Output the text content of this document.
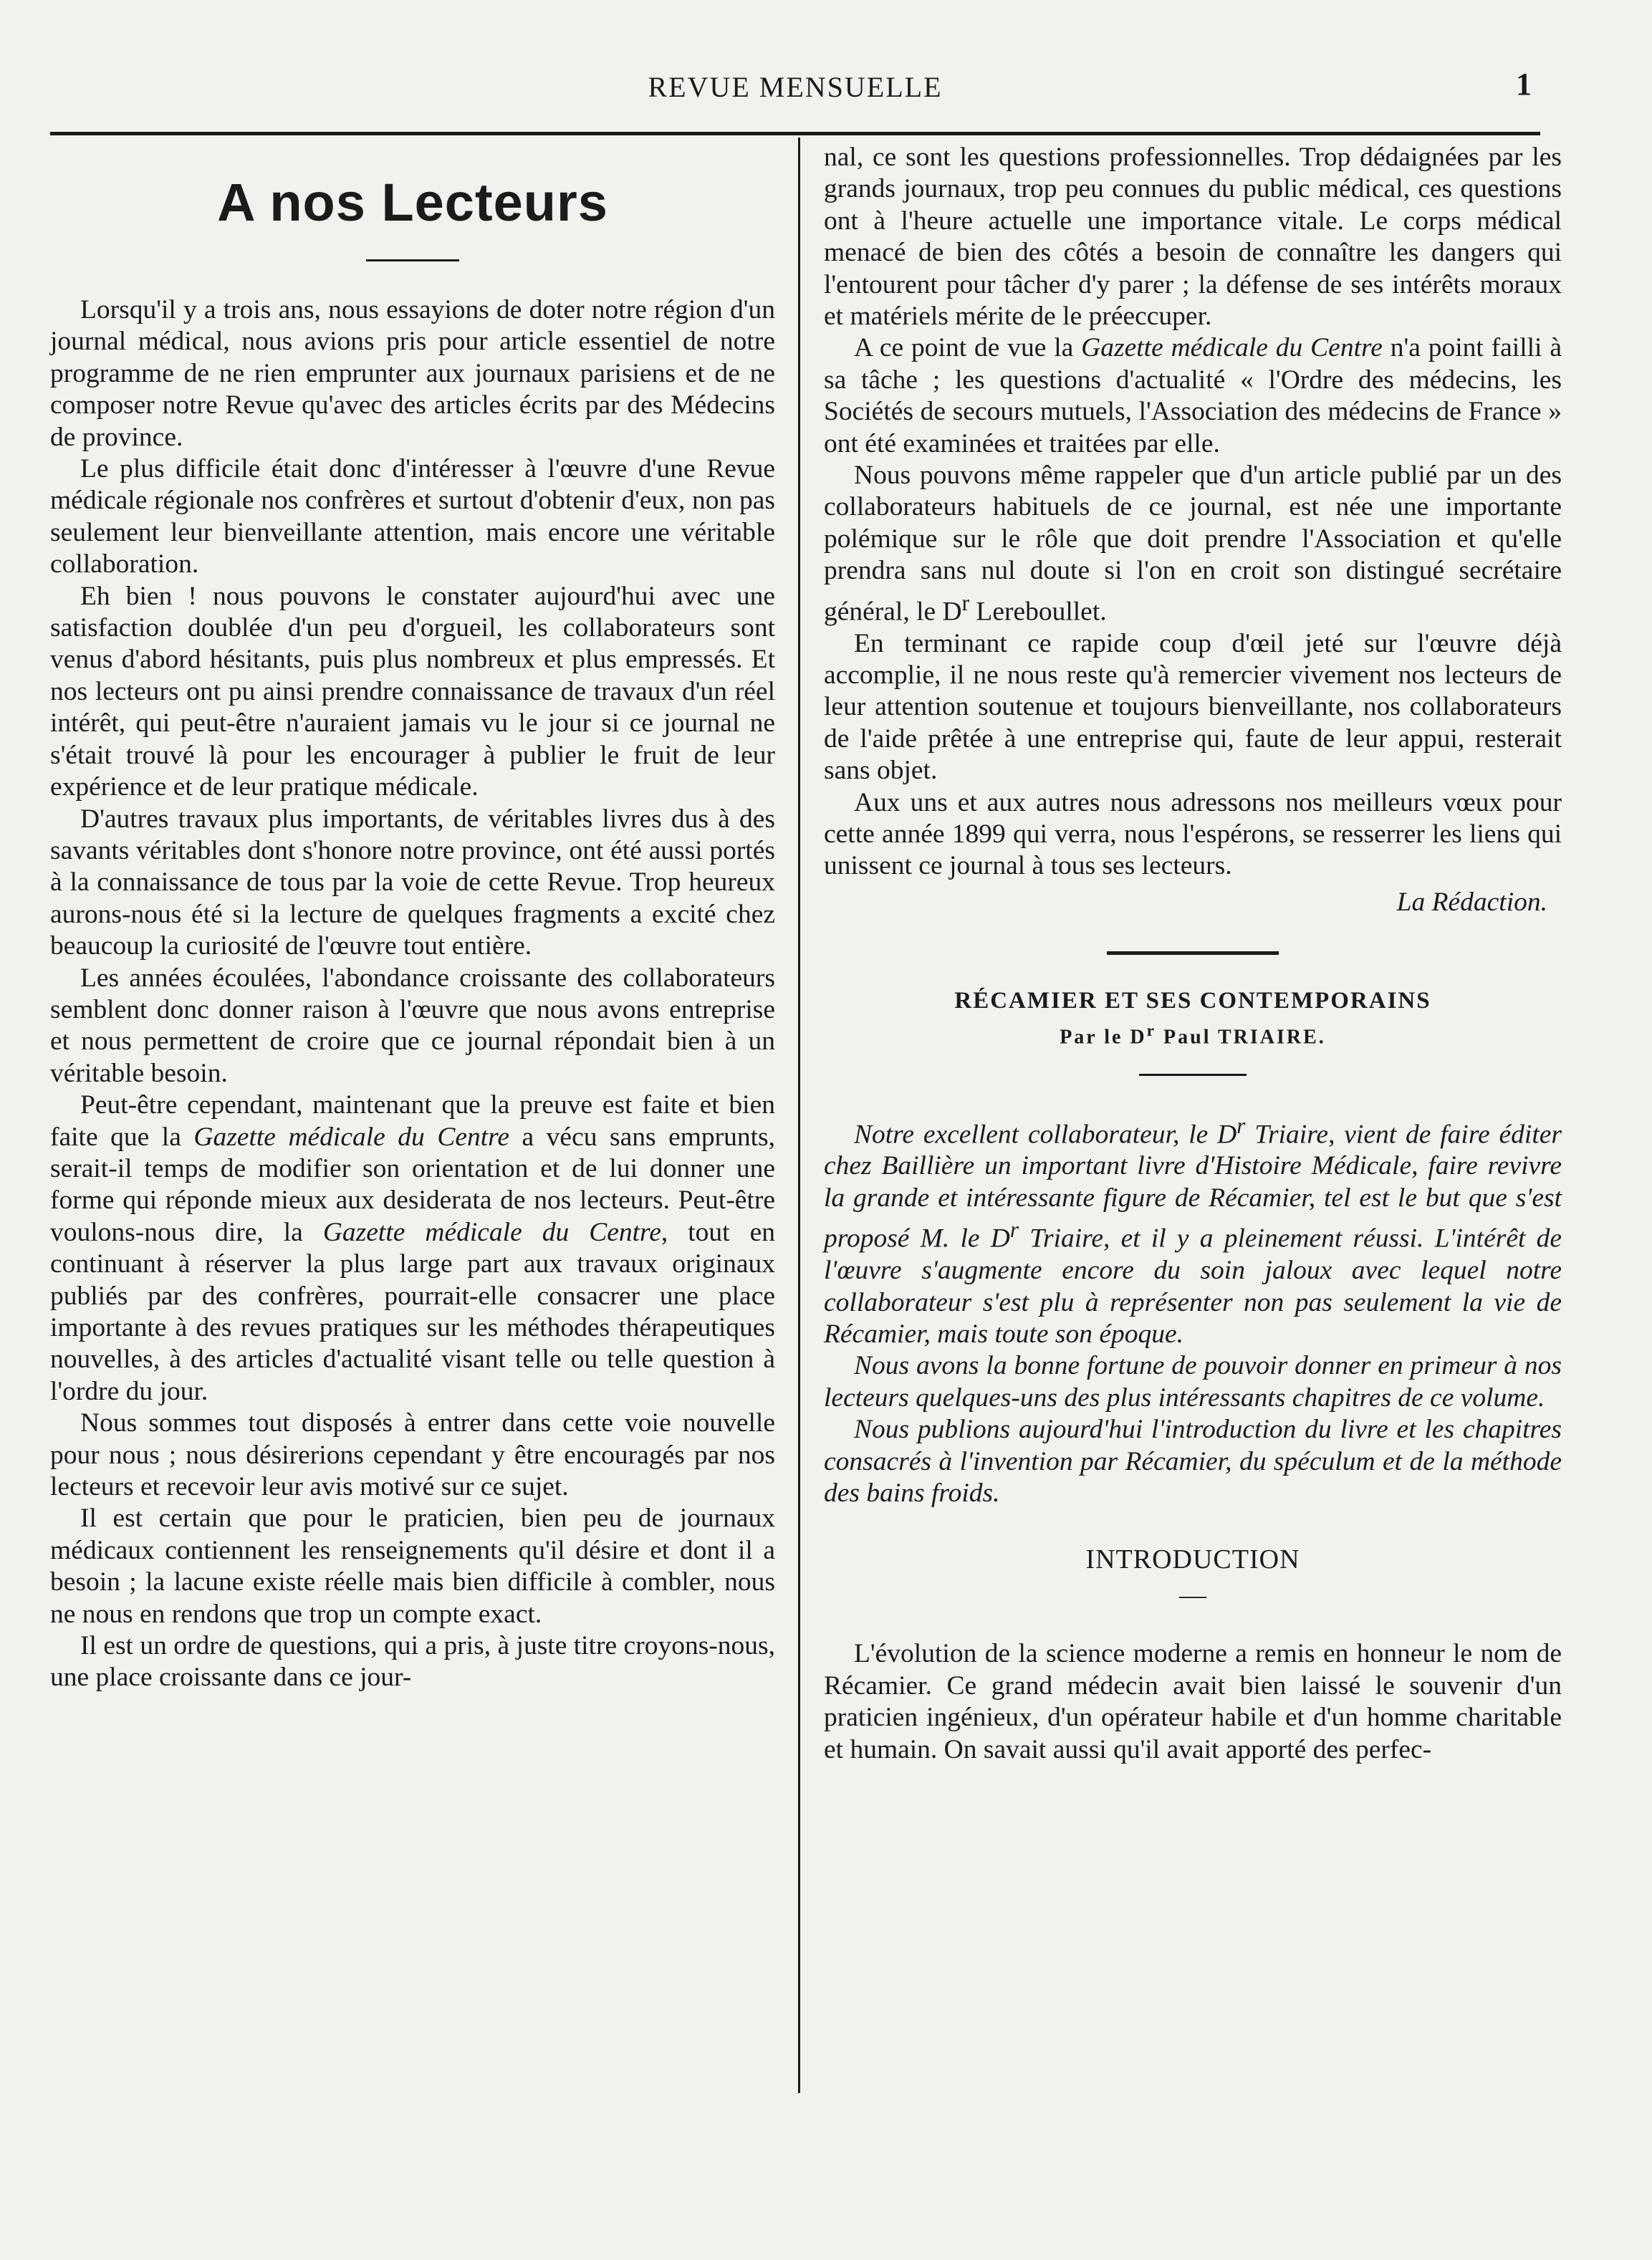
REVUE MENSUELLE	1
A nos Lecteurs

Lorsqu'il y a trois ans, nous essayions de doter notre région d'un journal médical, nous avions pris pour article essentiel de notre programme de ne rien emprunter aux journaux parisiens et de ne composer notre Revue qu'avec des articles écrits par des Médecins de province.

Le plus difficile était donc d'intéresser à l'œuvre d'une Revue médicale régionale nos confrères et surtout d'obtenir d'eux, non pas seulement leur bienveillante attention, mais encore une véritable collaboration.

Eh bien ! nous pouvons le constater aujourd'hui avec une satisfaction doublée d'un peu d'orgueil, les collaborateurs sont venus d'abord hésitants, puis plus nombreux et plus empressés. Et nos lecteurs ont pu ainsi prendre connaissance de travaux d'un réel intérêt, qui peut-être n'auraient jamais vu le jour si ce journal ne s'était trouvé là pour les encourager à publier le fruit de leur expérience et de leur pratique médicale.

D'autres travaux plus importants, de véritables livres dus à des savants véritables dont s'honore notre province, ont été aussi portés à la connaissance de tous par la voie de cette Revue. Trop heureux aurons-nous été si la lecture de quelques fragments a excité chez beaucoup la curiosité de l'œuvre tout entière.

Les années écoulées, l'abondance croissante des collaborateurs semblent donc donner raison à l'œuvre que nous avons entreprise et nous permettent de croire que ce journal répondait bien à un véritable besoin.

Peut-être cependant, maintenant que la preuve est faite et bien faite que la Gazette médicale du Centre a vécu sans emprunts, serait-il temps de modifier son orientation et de lui donner une forme qui réponde mieux aux desiderata de nos lecteurs. Peut-être voulons-nous dire, la Gazette médicale du Centre, tout en continuant à réserver la plus large part aux travaux originaux publiés par des confrères, pourrait-elle consacrer une place importante à des revues pratiques sur les méthodes thérapeutiques nouvelles, à des articles d'actualité visant telle ou telle question à l'ordre du jour.

Nous sommes tout disposés à entrer dans cette voie nouvelle pour nous ; nous désirerions cependant y être encouragés par nos lecteurs et recevoir leur avis motivé sur ce sujet.

Il est certain que pour le praticien, bien peu de journaux médicaux contiennent les renseignements qu'il désire et dont il a besoin ; la lacune existe réelle mais bien difficile à combler, nous ne nous en rendons que trop un compte exact.

Il est un ordre de questions, qui a pris, à juste titre croyons-nous, une place croissante dans ce jour-

nal, ce sont les questions professionnelles. Trop dédaignées par les grands journaux, trop peu connues du public médical, ces questions ont à l'heure actuelle une importance vitale. Le corps médical menacé de bien des côtés a besoin de connaître les dangers qui l'entourent pour tâcher d'y parer ; la défense de ses intérêts moraux et matériels mérite de le préeccuper.

A ce point de vue la Gazette médicale du Centre n'a point failli à sa tâche ; les questions d'actualité « l'Ordre des médecins, les Sociétés de secours mutuels, l'Association des médecins de France » ont été examinées et traitées par elle.

Nous pouvons même rappeler que d'un article publié par un des collaborateurs habituels de ce journal, est née une importante polémique sur le rôle que doit prendre l'Association et qu'elle prendra sans nul doute si l'on en croit son distingué secrétaire général, le $D^r$ Lereboullet.

En terminant ce rapide coup d'œil jeté sur l'œuvre déjà accomplie, il ne nous reste qu'à remercier vivement nos lecteurs de leur attention soutenue et toujours bienveillante, nos collaborateurs de l'aide prêtée à une entreprise qui, faute de leur appui, resterait sans objet.

Aux uns et aux autres nous adressons nos meilleurs vœux pour cette année 1899 qui verra, nous l'espérons, se resserrer les liens qui unissent ce journal à tous ses lecteurs.

La Rédaction.
RÉCAMIER ET SES CONTEMPORAINS
Par le $D^r$ Paul TRIAIRE.

Notre excellent collaborateur, le $D^r$ Triaire, vient de faire éditer chez Baillière un important livre d'Histoire Médicale, faire revivre la grande et intéressante figure de Récamier, tel est le but que s'est proposé M. le $D^r$ Triaire, et il y a pleinement réussi. L'intérêt de l'œuvre s'augmente encore du soin jaloux avec lequel notre collaborateur s'est plu à représenter non pas seulement la vie de Récamier, mais toute son époque.

Nous avons la bonne fortune de pouvoir donner en primeur à nos lecteurs quelques-uns des plus intéressants chapitres de ce volume.

Nous publions aujourd'hui l'introduction du livre et les chapitres consacrés à l'invention par Récamier, du spéculum et de la méthode des bains froids.

INTRODUCTION
—

L'évolution de la science moderne a remis en honneur le nom de Récamier. Ce grand médecin avait bien laissé le souvenir d'un praticien ingénieux, d'un opérateur habile et d'un homme charitable et humain. On savait aussi qu'il avait apporté des perfec-
